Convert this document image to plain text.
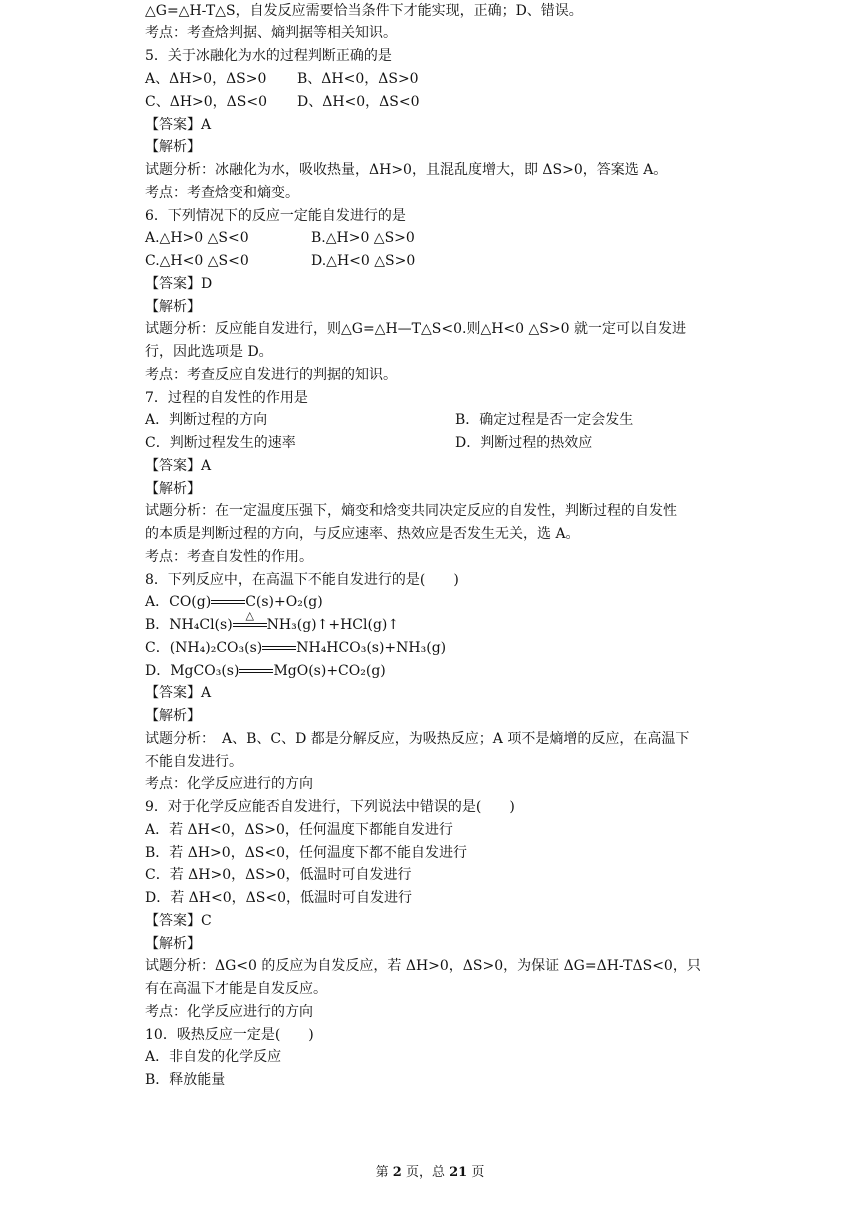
△G=△H-T△S，自发反应需要恰当条件下才能实现，正确；D、错误。
考点：考查焓判据、熵判据等相关知识。
5．关于冰融化为水的过程判断正确的是
A、ΔH>0，ΔS>0 B、ΔH<0，ΔS>0
C、ΔH>0，ΔS<0 D、ΔH<0，ΔS<0
【答案】A
【解析】
试题分析：冰融化为水，吸收热量，ΔH>0，且混乱度增大，即 ΔS>0，答案选 A。
考点：考查焓变和熵变。
6．下列情况下的反应一定能自发进行的是
A.△H>0 △S<0	B.△H>0 △S>0
C.△H<0 △S<0	D.△H<0 △S>0
【答案】D
【解析】
试题分析：反应能自发进行，则△G=△H—T△S<0.则△H<0 △S>0 就一定可以自发进
行，因此选项是 D。
考点：考查反应自发进行的判据的知识。
7．过程的自发性的作用是
A．判断过程的方向	B．确定过程是否一定会发生
C．判断过程发生的速率	D．判断过程的热效应
【答案】A
【解析】
试题分析：在一定温度压强下，熵变和焓变共同决定反应的自发性，判断过程的自发性
的本质是判断过程的方向，与反应速率、热效应是否发生无关，选 A。
考点：考查自发性的作用。
8．下列反应中，在高温下不能自发进行的是(　　)
A．CO(g) C(s)+O₂(g)
B．NH₄Cl(s)
△
NH₃(g)↑+HCl(g)↑
C．(NH₄)₂CO₃(s) NH₄HCO₃(s)+NH₃(g)
D．MgCO₃(s) MgO(s)+CO₂(g)
【答案】A
【解析】
试题分析：　A、B、C、D 都是分解反应，为吸热反应；A 项不是熵增的反应，在高温下
不能自发进行。
考点：化学反应进行的方向
9．对于化学反应能否自发进行，下列说法中错误的是(　　)
A．若 ΔH<0，ΔS>0，任何温度下都能自发进行
B．若 ΔH>0，ΔS<0，任何温度下都不能自发进行
C．若 ΔH>0，ΔS>0，低温时可自发进行
D．若 ΔH<0，ΔS<0，低温时可自发进行
【答案】C
【解析】
试题分析：ΔG<0 的反应为自发反应，若 ΔH>0，ΔS>0，为保证 ΔG=ΔH-TΔS<0，只
有在高温下才能是自发反应。
考点：化学反应进行的方向
10．吸热反应一定是(　　)
A．非自发的化学反应
B．释放能量
第 2 页，总 21 页
